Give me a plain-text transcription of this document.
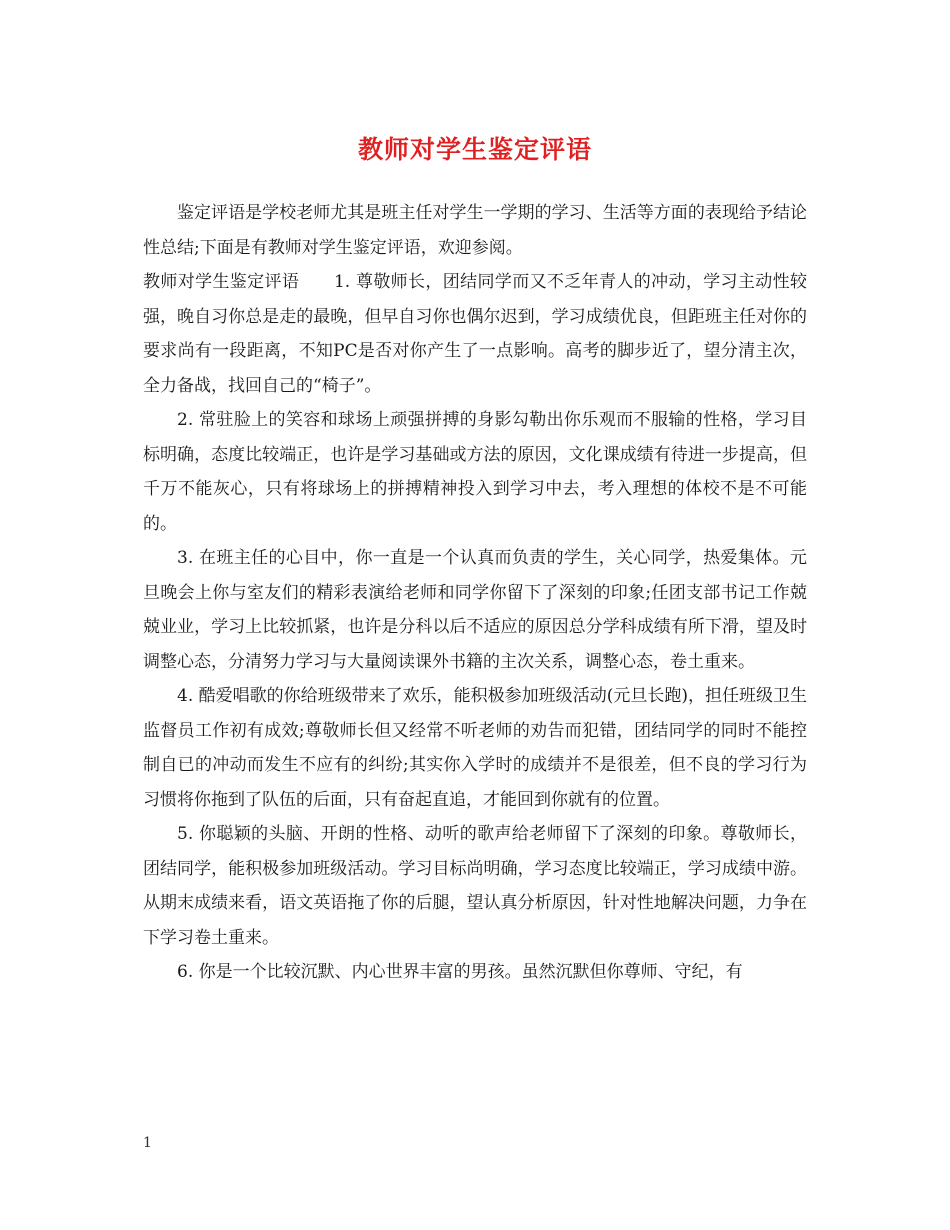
教师对学生鉴定评语

鉴定评语是学校老师尤其是班主任对学生一学期的学习、生活等方面的表现给予结论性总结;下面是有教师对学生鉴定评语，欢迎参阅。

教师对学生鉴定评语　　1. 尊敬师长，团结同学而又不乏年青人的冲动，学习主动性较强，晚自习你总是走的最晚，但早自习你也偶尔迟到，学习成绩优良，但距班主任对你的要求尚有一段距离，不知PC是否对你产生了一点影响。高考的脚步近了，望分清主次，全力备战，找回自己的“椅子”。

2. 常驻脸上的笑容和球场上顽强拼搏的身影勾勒出你乐观而不服输的性格，学习目标明确，态度比较端正，也许是学习基础或方法的原因，文化课成绩有待进一步提高，但千万不能灰心，只有将球场上的拼搏精神投入到学习中去，考入理想的体校不是不可能的。

3. 在班主任的心目中，你一直是一个认真而负责的学生，关心同学，热爱集体。元旦晚会上你与室友们的精彩表演给老师和同学你留下了深刻的印象;任团支部书记工作兢兢业业，学习上比较抓紧，也许是分科以后不适应的原因总分学科成绩有所下滑，望及时调整心态，分清努力学习与大量阅读课外书籍的主次关系，调整心态，卷土重来。

4. 酷爱唱歌的你给班级带来了欢乐，能积极参加班级活动(元旦长跑)，担任班级卫生监督员工作初有成效;尊敬师长但又经常不听老师的劝告而犯错，团结同学的同时不能控制自已的冲动而发生不应有的纠纷;其实你入学时的成绩并不是很差，但不良的学习行为习惯将你拖到了队伍的后面，只有奋起直追，才能回到你就有的位置。

5. 你聪颖的头脑、开朗的性格、动听的歌声给老师留下了深刻的印象。尊敬师长，团结同学，能积极参加班级活动。学习目标尚明确，学习态度比较端正，学习成绩中游。从期末成绩来看，语文英语拖了你的后腿，望认真分析原因，针对性地解决问题，力争在下学习卷土重来。

6. 你是一个比较沉默、内心世界丰富的男孩。虽然沉默但你尊师、守纪，有

1
